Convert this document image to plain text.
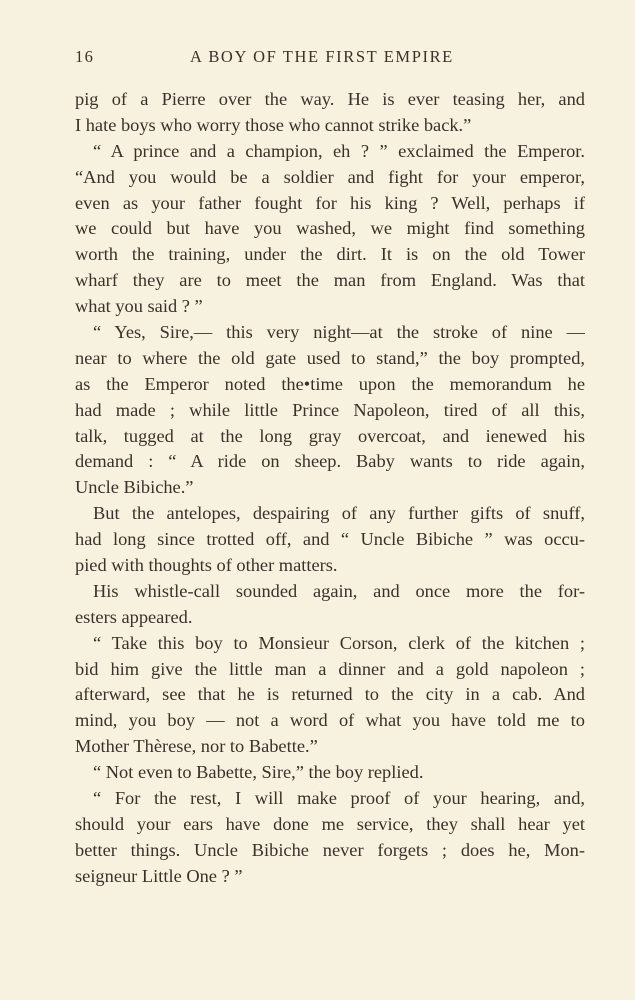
16	A BOY OF THE FIRST EMPIRE

pig of a Pierre over the way. He is ever teasing her, and
I hate boys who worry those who cannot strike back.”

“ A prince and a champion, eh ? ” exclaimed the Emperor.
“And you would be a soldier and fight for your emperor,
even as your father fought for his king ? Well, perhaps if
we could but have you washed, we might find something
worth the training, under the dirt. It is on the old Tower
wharf they are to meet the man from England. Was that
what you said ? ”

“ Yes, Sire,— this very night—at the stroke of nine —
near to where the old gate used to stand,” the boy prompted,
as the Emperor noted the•time upon the memorandum he
had made ; while little Prince Napoleon, tired of all this,
talk, tugged at the long gray overcoat, and ienewed his
demand : “ A ride on sheep. Baby wants to ride again,
Uncle Bibiche.”

But the antelopes, despairing of any further gifts of snuff,
had long since trotted off, and “ Uncle Bibiche ” was occu-
pied with thoughts of other matters.

His whistle-call sounded again, and once more the for-
esters appeared.

“ Take this boy to Monsieur Corson, clerk of the kitchen ;
bid him give the little man a dinner and a gold napoleon ;
afterward, see that he is returned to the city in a cab. And
mind, you boy — not a word of what you have told me to
Mother Thèrese, nor to Babette.”

“ Not even to Babette, Sire,” the boy replied.

“ For the rest, I will make proof of your hearing, and,
should your ears have done me service, they shall hear yet
better things. Uncle Bibiche never forgets ; does he, Mon-
seigneur Little One ? ”
